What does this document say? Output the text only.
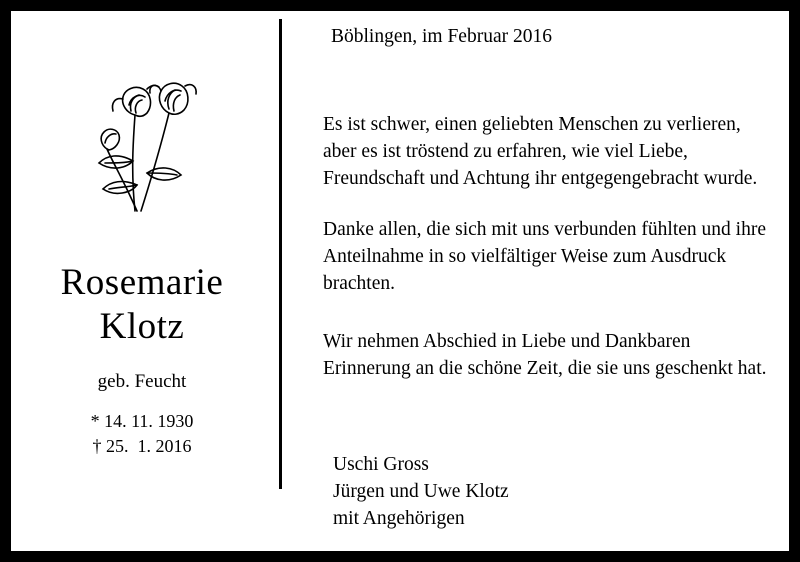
Rosemarie
Klotz
geb. Feucht
* 14. 11. 1930
† 25.  1. 2016
Böblingen, im Februar 2016
Es ist schwer, einen geliebten Menschen zu verlieren, aber es ist tröstend zu erfahren, wie viel Liebe, Freundschaft und Achtung ihr entgegengebracht wurde.
Danke allen, die sich mit uns verbunden fühlten und ihre Anteilnahme in so vielfältiger Weise zum Ausdruck brachten.
Wir nehmen Abschied in Liebe und Dankbaren Erinnerung an die schöne Zeit, die sie uns geschenkt hat.
Uschi Gross
Jürgen und Uwe Klotz
mit Angehörigen
